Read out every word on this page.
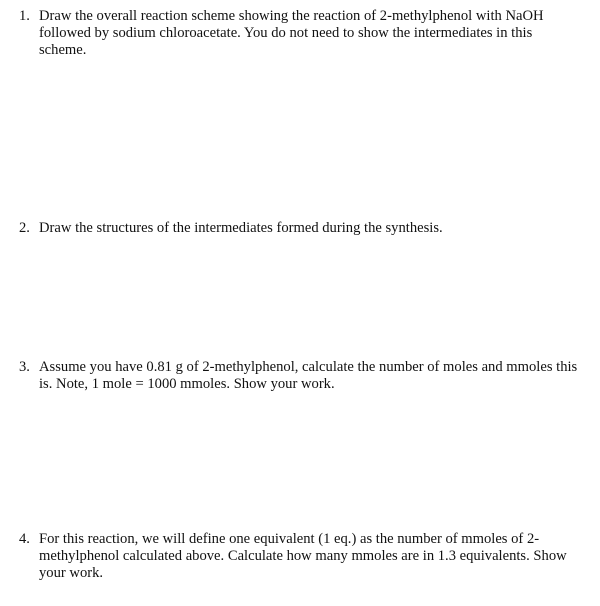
1. Draw the overall reaction scheme showing the reaction of 2-methylphenol with NaOH followed by sodium chloroacetate. You do not need to show the intermediates in this scheme.
2. Draw the structures of the intermediates formed during the synthesis.
3. Assume you have 0.81 g of 2-methylphenol, calculate the number of moles and mmoles this is. Note, 1 mole = 1000 mmoles. Show your work.
4. For this reaction, we will define one equivalent (1 eq.) as the number of mmoles of 2-methylphenol calculated above. Calculate how many mmoles are in 1.3 equivalents. Show your work.
